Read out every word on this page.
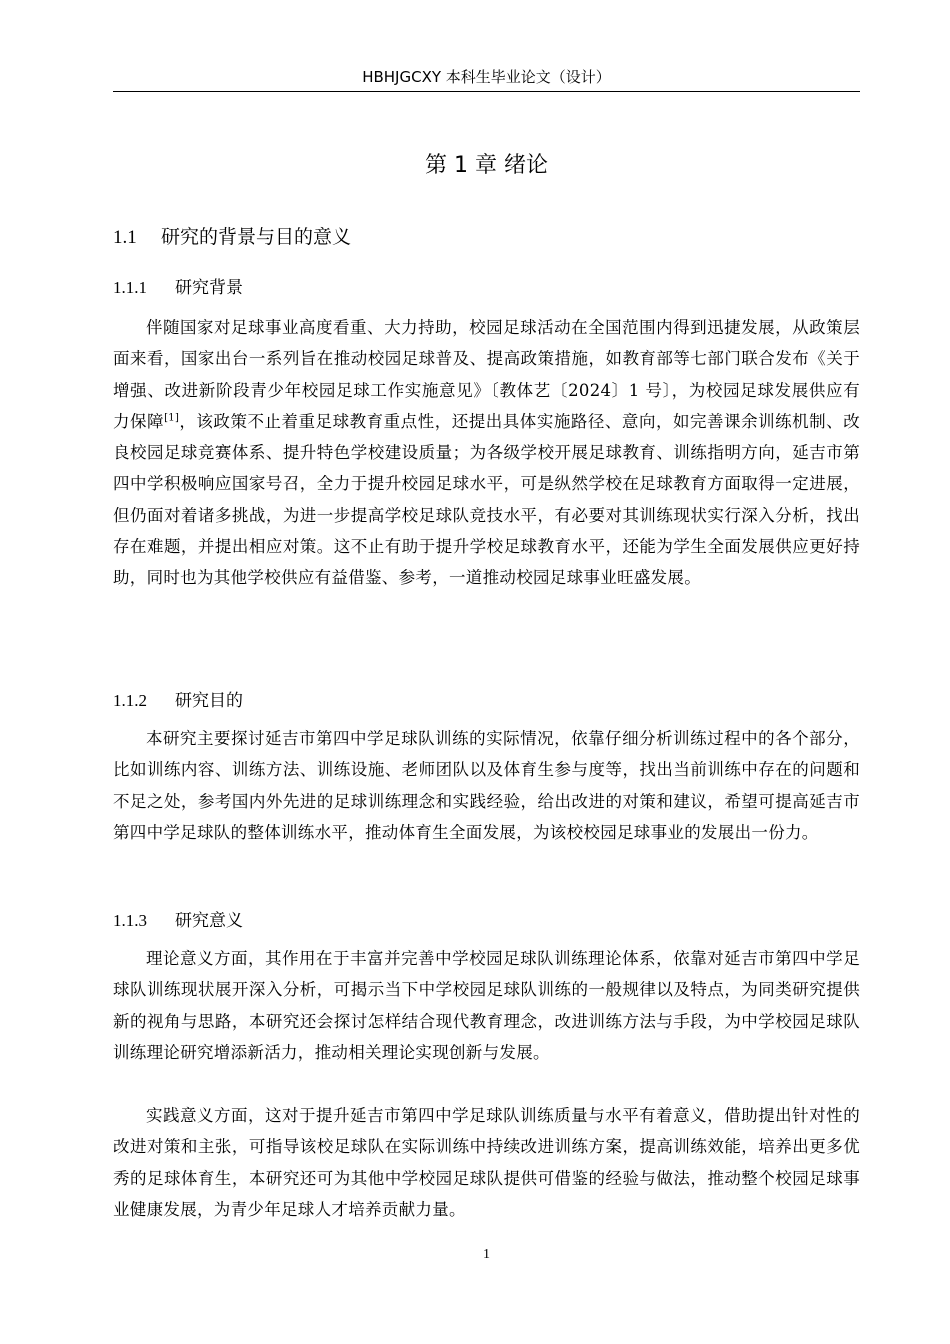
HBHJGCXY 本科生毕业论文（设计）
第 1 章 绪论
1.1 研究的背景与目的意义
1.1.1 研究背景

伴随国家对足球事业高度看重、大力持助，校园足球活动在全国范围内得到迅捷发展，从政策层面来看，国家出台一系列旨在推动校园足球普及、提高政策措施，如教育部等七部门联合发布《关于增强、改进新阶段青少年校园足球工作实施意见》〔教体艺〔2024〕1 号〕，为校园足球发展供应有力保障[1]，该政策不止着重足球教育重点性，还提出具体实施路径、意向，如完善课余训练机制、改良校园足球竞赛体系、提升特色学校建设质量；为各级学校开展足球教育、训练指明方向，延吉市第四中学积极响应国家号召，全力于提升校园足球水平，可是纵然学校在足球教育方面取得一定进展，但仍面对着诸多挑战，为进一步提高学校足球队竞技水平，有必要对其训练现状实行深入分析，找出存在难题，并提出相应对策。这不止有助于提升学校足球教育水平，还能为学生全面发展供应更好持助，同时也为其他学校供应有益借鉴、参考，一道推动校园足球事业旺盛发展。

1.1.2 研究目的

本研究主要探讨延吉市第四中学足球队训练的实际情况，依靠仔细分析训练过程中的各个部分，比如训练内容、训练方法、训练设施、老师团队以及体育生参与度等，找出当前训练中存在的问题和不足之处，参考国内外先进的足球训练理念和实践经验，给出改进的对策和建议，希望可提高延吉市第四中学足球队的整体训练水平，推动体育生全面发展，为该校校园足球事业的发展出一份力。

1.1.3 研究意义

理论意义方面，其作用在于丰富并完善中学校园足球队训练理论体系，依靠对延吉市第四中学足球队训练现状展开深入分析，可揭示当下中学校园足球队训练的一般规律以及特点，为同类研究提供新的视角与思路，本研究还会探讨怎样结合现代教育理念，改进训练方法与手段，为中学校园足球队训练理论研究增添新活力，推动相关理论实现创新与发展。

实践意义方面，这对于提升延吉市第四中学足球队训练质量与水平有着意义，借助提出针对性的改进对策和主张，可指导该校足球队在实际训练中持续改进训练方案，提高训练效能，培养出更多优秀的足球体育生，本研究还可为其他中学校园足球队提供可借鉴的经验与做法，推动整个校园足球事业健康发展，为青少年足球人才培养贡献力量。

1
